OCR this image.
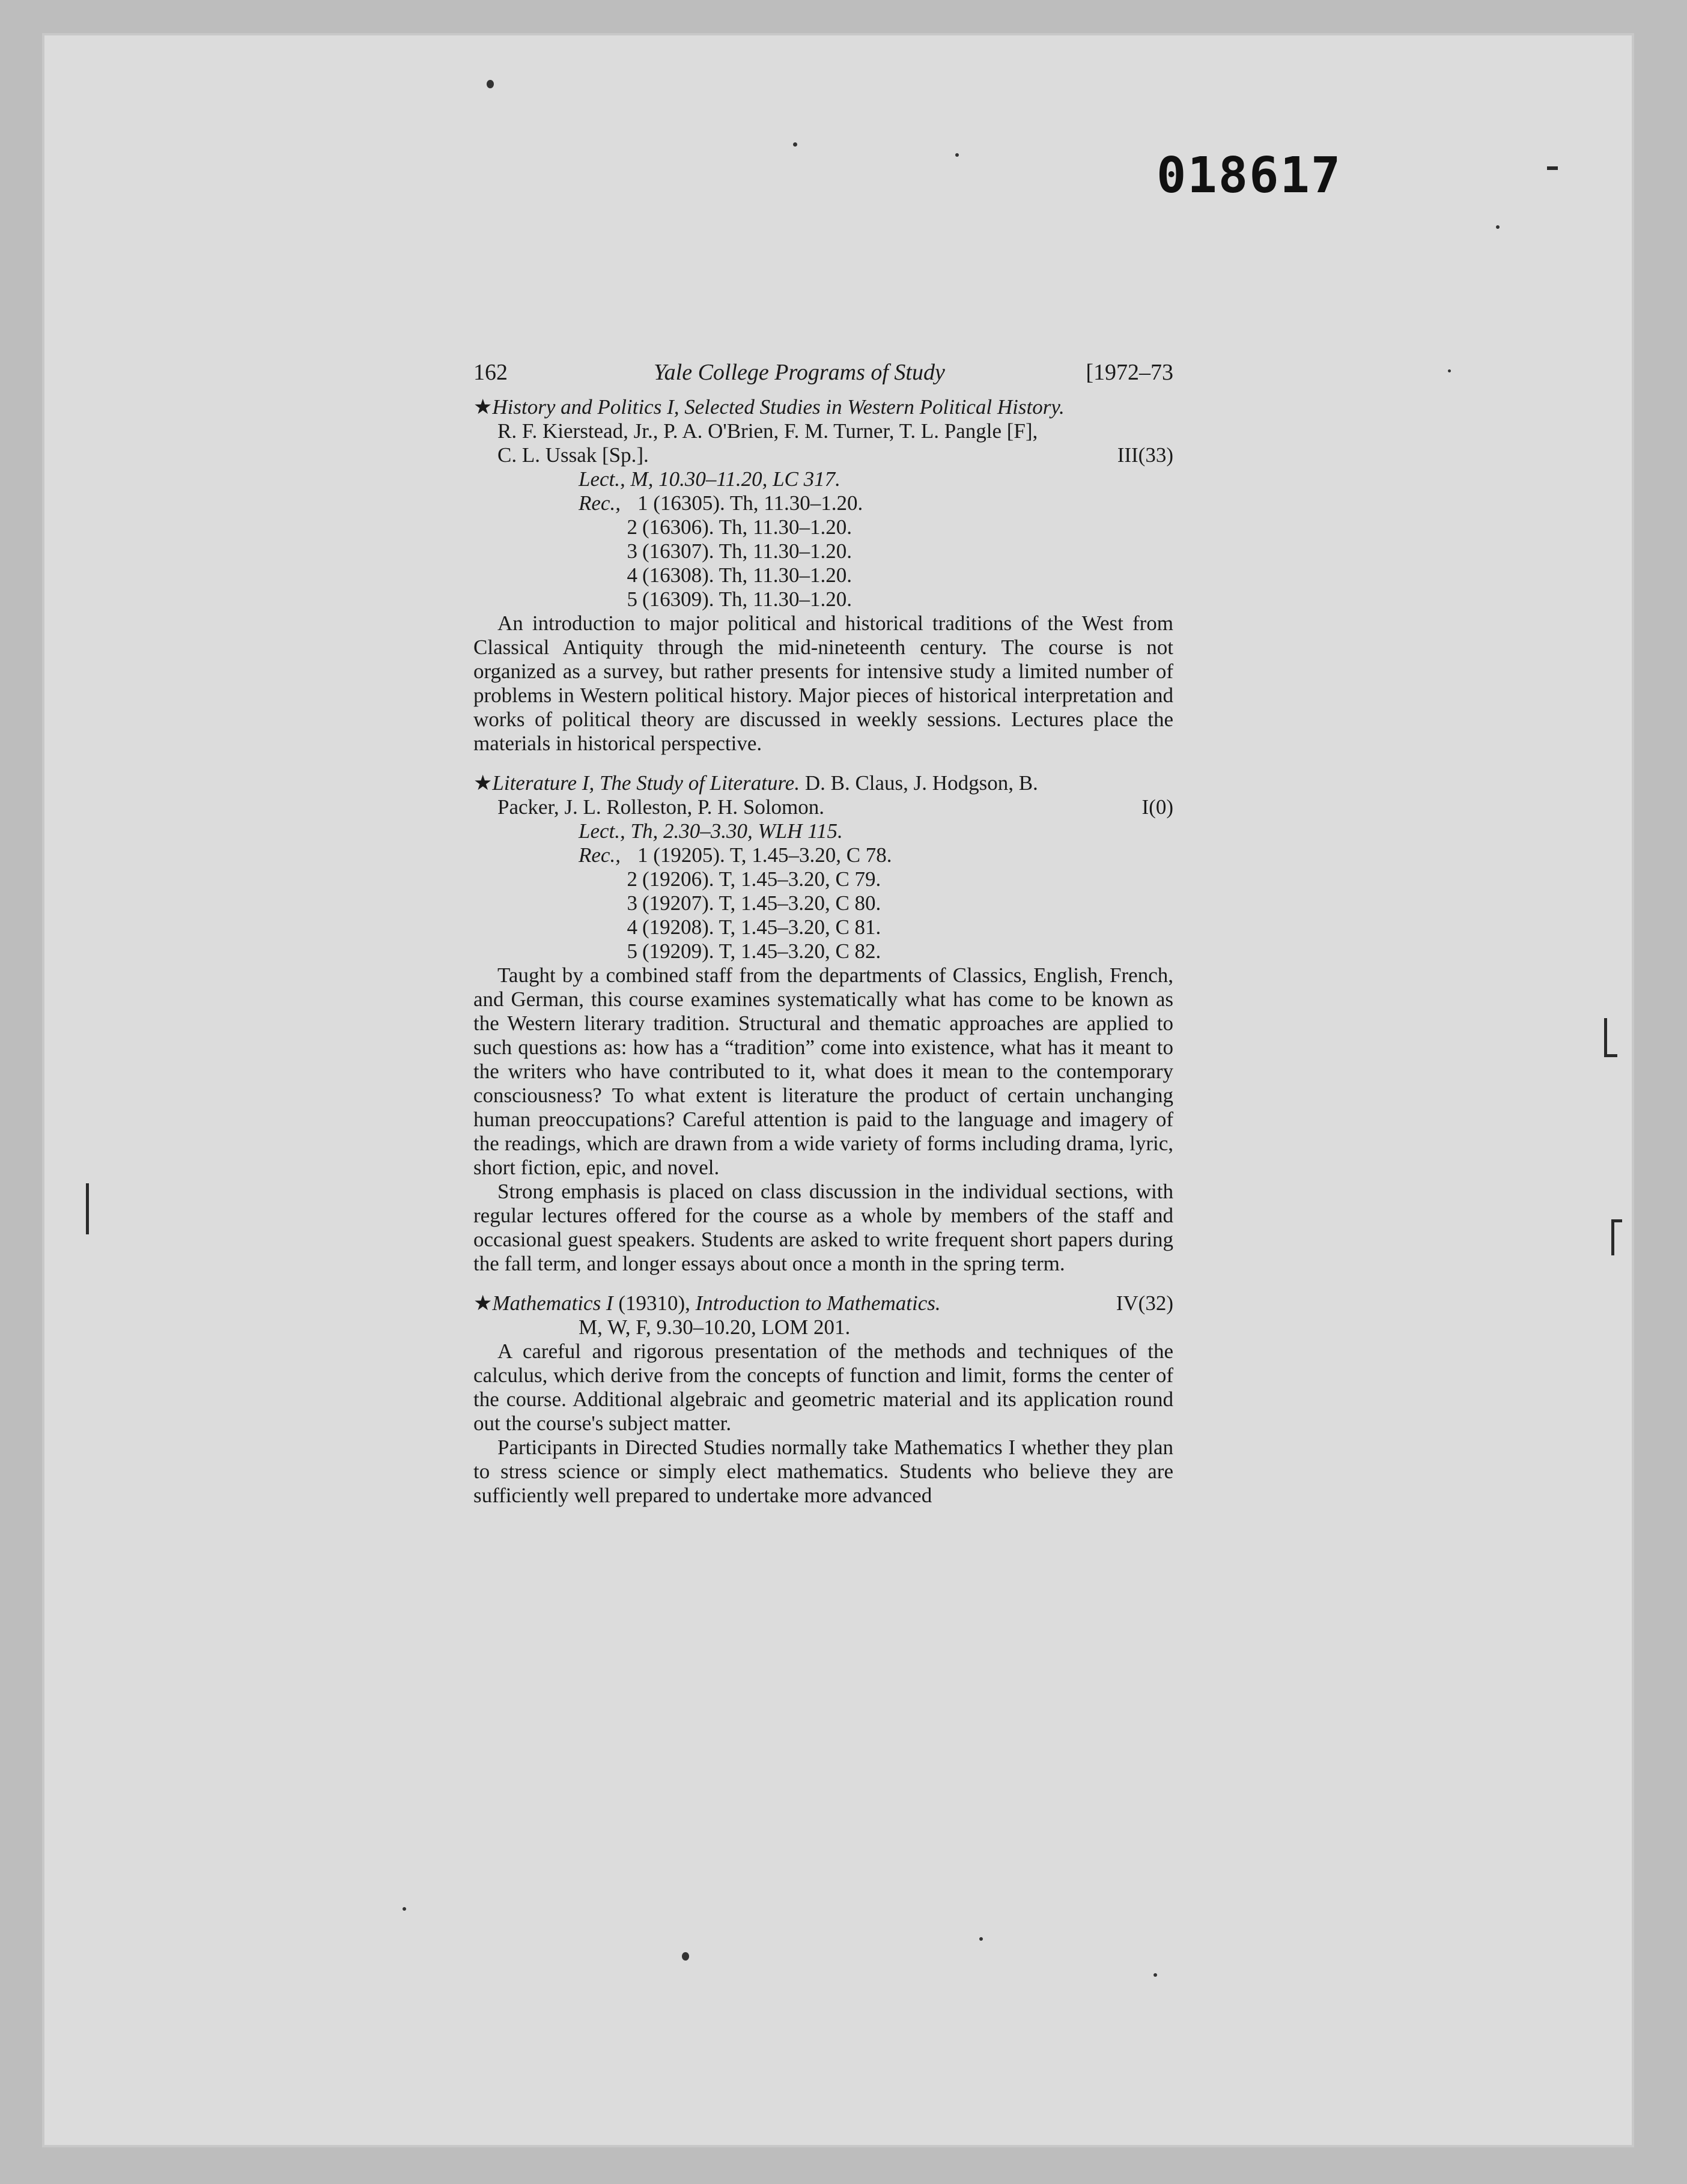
018617
162	Yale College Programs of Study	[1972–73
★History and Politics I, Selected Studies in Western Political History.
R. F. Kierstead, Jr., P. A. O'Brien, F. M. Turner, T. L. Pangle [F],
C. L. Ussak [Sp.].	III(33)
Lect., M, 10.30–11.20, LC 317.
Rec., 1 (16305). Th, 11.30–1.20.
2 (16306). Th, 11.30–1.20.
3 (16307). Th, 11.30–1.20.
4 (16308). Th, 11.30–1.20.
5 (16309). Th, 11.30–1.20.

An introduction to major political and historical traditions of the West from Classical Antiquity through the mid-nineteenth century. The course is not organized as a survey, but rather presents for intensive study a limited number of problems in Western political history. Major pieces of historical interpretation and works of political theory are discussed in weekly sessions. Lectures place the materials in historical perspective.

★Literature I, The Study of Literature. D. B. Claus, J. Hodgson, B.
Packer, J. L. Rolleston, P. H. Solomon.	I(0)
Lect., Th, 2.30–3.30, WLH 115.
Rec., 1 (19205). T, 1.45–3.20, C 78.
2 (19206). T, 1.45–3.20, C 79.
3 (19207). T, 1.45–3.20, C 80.
4 (19208). T, 1.45–3.20, C 81.
5 (19209). T, 1.45–3.20, C 82.

Taught by a combined staff from the departments of Classics, English, French, and German, this course examines systematically what has come to be known as the Western literary tradition. Structural and thematic approaches are applied to such questions as: how has a “tradition” come into existence, what has it meant to the writers who have contributed to it, what does it mean to the contemporary consciousness? To what extent is literature the product of certain unchanging human preoccupations? Careful attention is paid to the language and imagery of the readings, which are drawn from a wide variety of forms including drama, lyric, short fiction, epic, and novel.

Strong emphasis is placed on class discussion in the individual sections, with regular lectures offered for the course as a whole by members of the staff and occasional guest speakers. Students are asked to write frequent short papers during the fall term, and longer essays about once a month in the spring term.

★Mathematics I (19310), Introduction to Mathematics.	IV(32)
M, W, F, 9.30–10.20, LOM 201.

A careful and rigorous presentation of the methods and techniques of the calculus, which derive from the concepts of function and limit, forms the center of the course. Additional algebraic and geometric material and its application round out the course's subject matter.

Participants in Directed Studies normally take Mathematics I whether they plan to stress science or simply elect mathematics. Students who believe they are sufficiently well prepared to undertake more advanced
